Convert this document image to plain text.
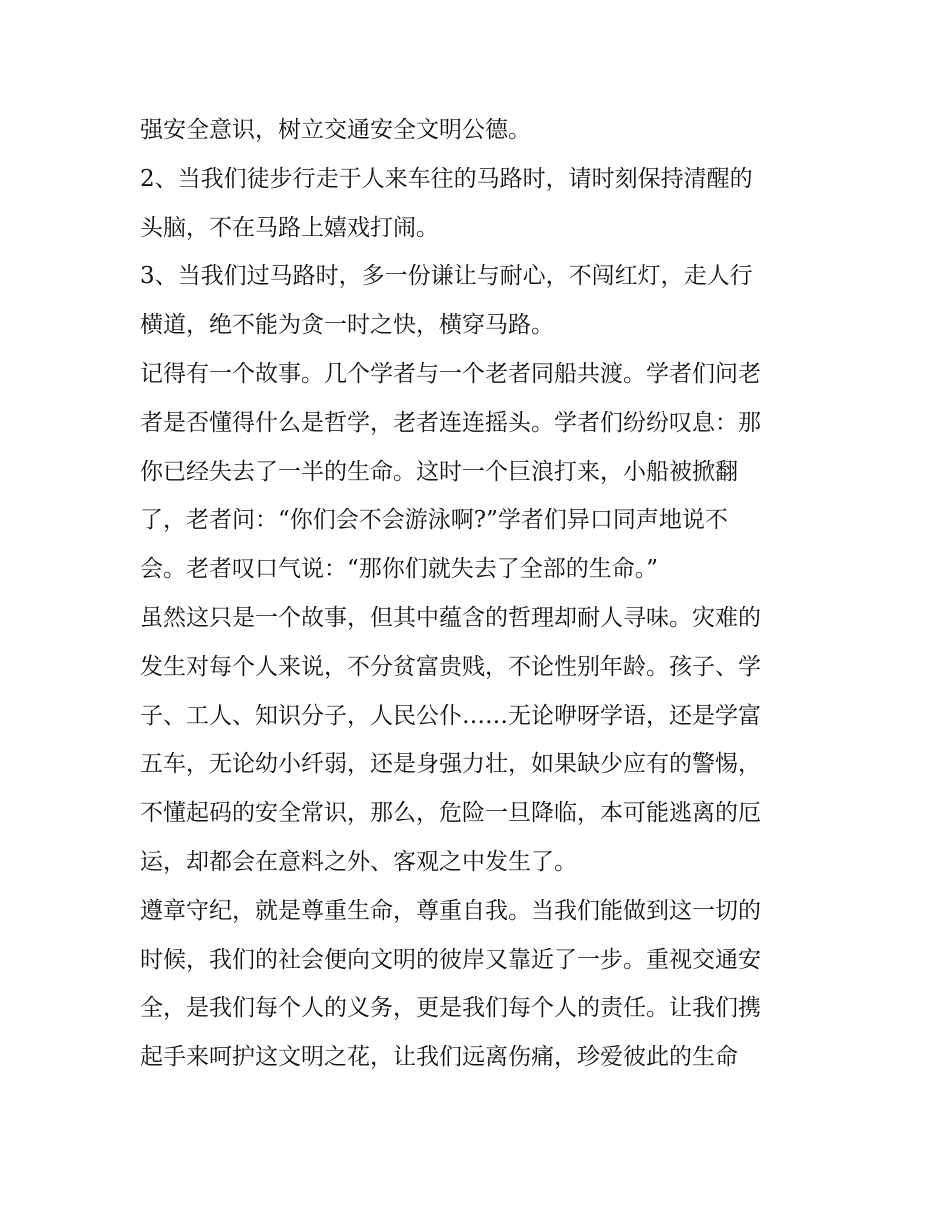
强安全意识，树立交通安全文明公德。
2、当我们徒步行走于人来车往的马路时，请时刻保持清醒的
头脑，不在马路上嬉戏打闹。
3、当我们过马路时，多一份谦让与耐心，不闯红灯，走人行
横道，绝不能为贪一时之快，横穿马路。
记得有一个故事。几个学者与一个老者同船共渡。学者们问老
者是否懂得什么是哲学，老者连连摇头。学者们纷纷叹息：那
你已经失去了一半的生命。这时一个巨浪打来，小船被掀翻
了，老者问：“你们会不会游泳啊?”学者们异口同声地说不
会。老者叹口气说：“那你们就失去了全部的生命。”
虽然这只是一个故事，但其中蕴含的哲理却耐人寻味。灾难的
发生对每个人来说，不分贫富贵贱，不论性别年龄。孩子、学
子、工人、知识分子，人民公仆……无论咿呀学语，还是学富
五车，无论幼小纤弱，还是身强力壮，如果缺少应有的警惕，
不懂起码的安全常识，那么，危险一旦降临，本可能逃离的厄
运，却都会在意料之外、客观之中发生了。
遵章守纪，就是尊重生命，尊重自我。当我们能做到这一切的
时候，我们的社会便向文明的彼岸又靠近了一步。重视交通安
全，是我们每个人的义务，更是我们每个人的责任。让我们携
起手来呵护这文明之花，让我们远离伤痛，珍爱彼此的生命
